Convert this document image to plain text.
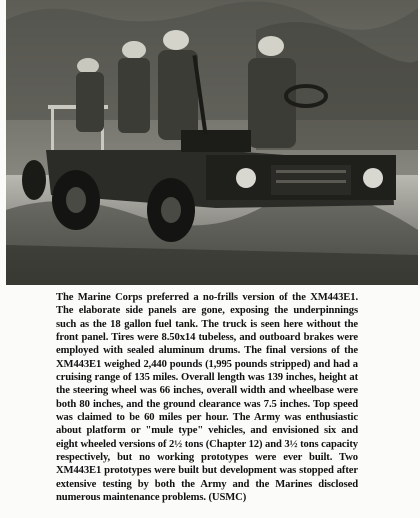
The Marine Corps preferred a no-frills version of the XM443E1. The elaborate side panels are gone, exposing the underpinnings such as the 18 gallon fuel tank. The truck is seen here without the front panel. Tires were 8.50x14 tubeless, and outboard brakes were employed with sealed aluminum drums. The final versions of the XM443E1 weighed 2,440 pounds (1,995 pounds stripped) and had a cruising range of 135 miles. Overall length was 139 inches, height at the steering wheel was 66 inches, overall width and wheelbase were both 80 inches, and the ground clearance was 7.5 inches. Top speed was claimed to be 60 miles per hour. The Army was enthusiastic about platform or "mule type" vehicles, and envisioned six and eight wheeled versions of 2½ tons (Chapter 12) and 3½ tons capacity respectively, but no working prototypes were ever built. Two XM443E1 prototypes were built but development was stopped after extensive testing by both the Army and the Marines disclosed numerous maintenance problems. (USMC)
